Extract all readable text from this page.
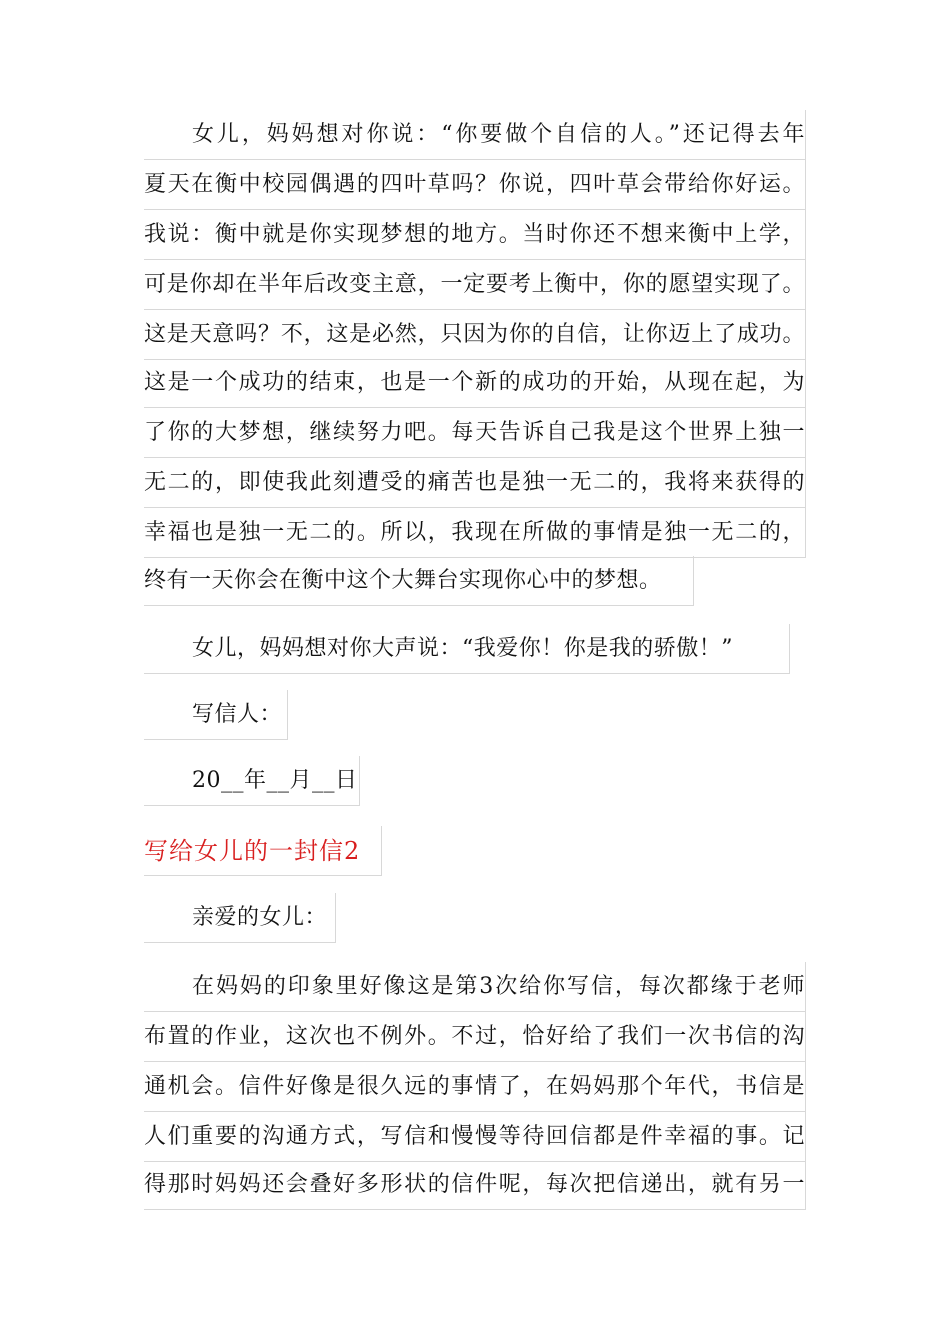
女儿，妈妈想对你说：“你要做个自信的人。”还记得去年
夏天在衡中校园偶遇的四叶草吗？你说，四叶草会带给你好运。
我说：衡中就是你实现梦想的地方。当时你还不想来衡中上学，
可是你却在半年后改变主意，一定要考上衡中，你的愿望实现了。
这是天意吗？不，这是必然，只因为你的自信，让你迈上了成功。
这是一个成功的结束，也是一个新的成功的开始，从现在起，为
了你的大梦想，继续努力吧。每天告诉自己我是这个世界上独一
无二的，即使我此刻遭受的痛苦也是独一无二的，我将来获得的
幸福也是独一无二的。所以，我现在所做的事情是独一无二的，
终有一天你会在衡中这个大舞台实现你心中的梦想。
女儿，妈妈想对你大声说：“我爱你！你是我的骄傲！”
写信人：
20__年__月__日
写给女儿的一封信2
亲爱的女儿：
在妈妈的印象里好像这是第3次给你写信，每次都缘于老师
布置的作业，这次也不例外。不过，恰好给了我们一次书信的沟
通机会。信件好像是很久远的事情了，在妈妈那个年代，书信是
人们重要的沟通方式，写信和慢慢等待回信都是件幸福的事。记
得那时妈妈还会叠好多形状的信件呢，每次把信递出，就有另一
